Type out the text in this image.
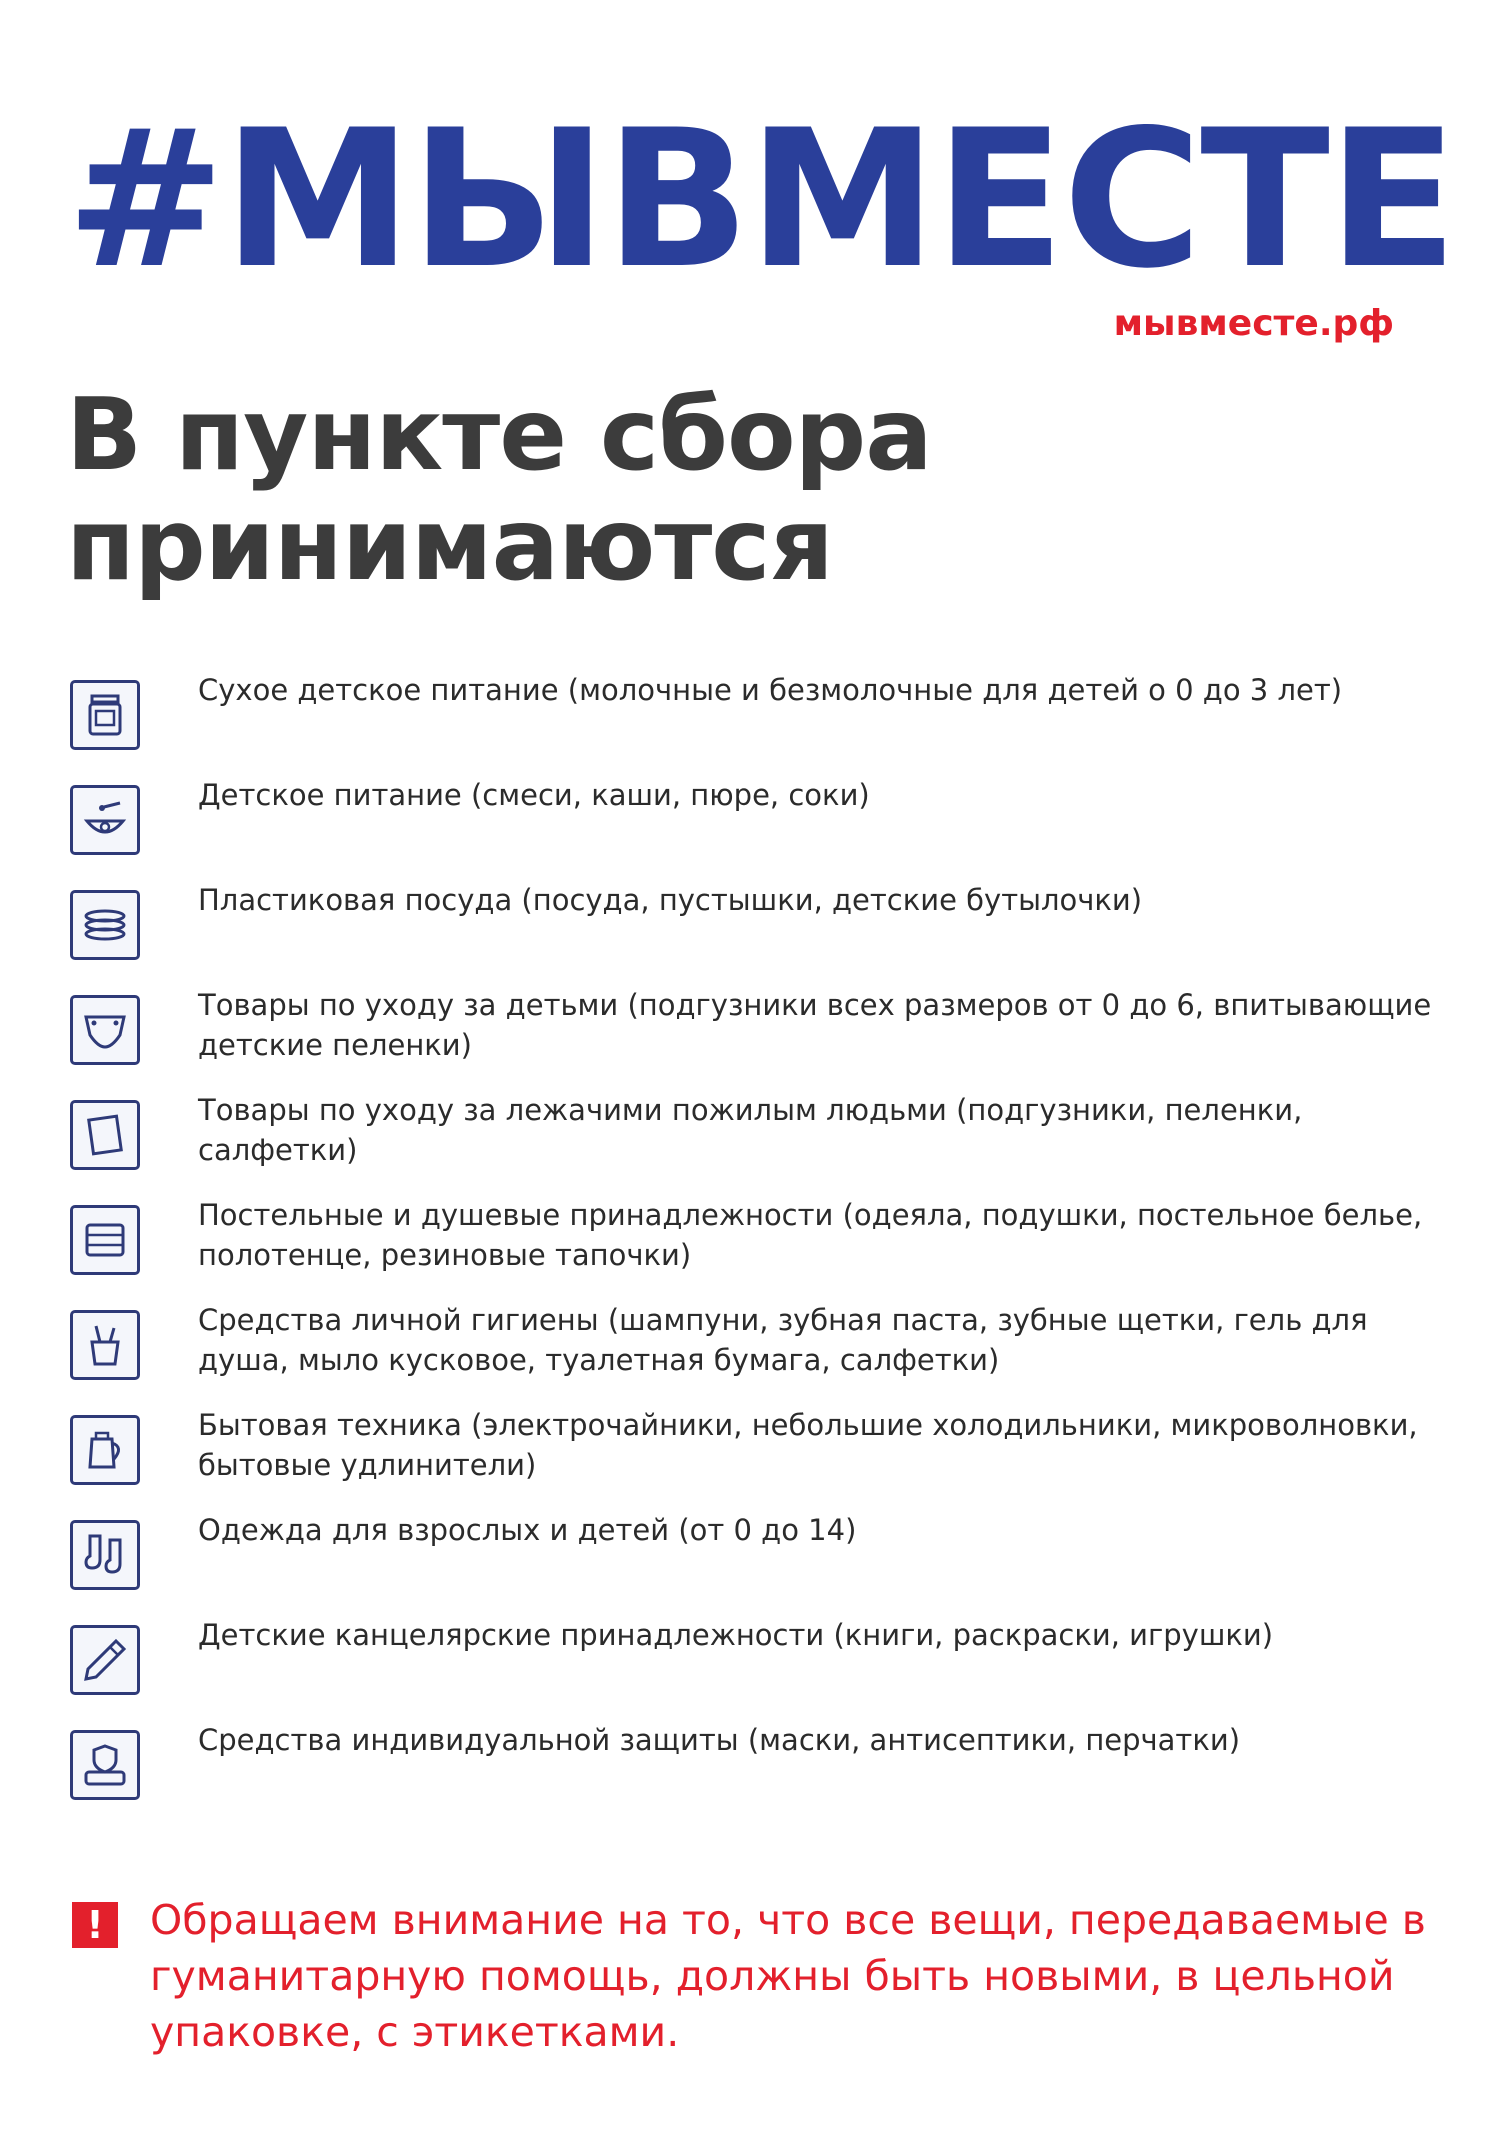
#МЫВМЕСТЕ
мывместе.рф
В пункте сбора принимаются
Сухое детское питание (молочные и безмолочные для детей о 0 до 3 лет)
Детское питание (смеси, каши, пюре, соки)
Пластиковая посуда (посуда, пустышки, детские бутылочки)
Товары по уходу за детьми (подгузники всех размеров от 0 до 6, впитывающие детские пеленки)
Товары по уходу за лежачими пожилым людьми (подгузники, пеленки, салфетки)
Постельные и душевые принадлежности (одеяла, подушки, постельное белье, полотенце, резиновые тапочки)
Средства личной гигиены (шампуни, зубная паста, зубные щетки, гель для душа, мыло кусковое, туалетная бумага, салфетки)
Бытовая техника (электрочайники, небольшие холодильники, микроволновки, бытовые удлинители)
Одежда для взрослых и детей (от 0 до 14)
Детские канцелярские принадлежности (книги, раскраски, игрушки)
Средства индивидуальной защиты (маски, антисептики, перчатки)
!	Обращаем внимание на то, что все вещи, передаваемые в гуманитарную помощь, должны быть новыми, в цельной упаковке, с этикетками.
